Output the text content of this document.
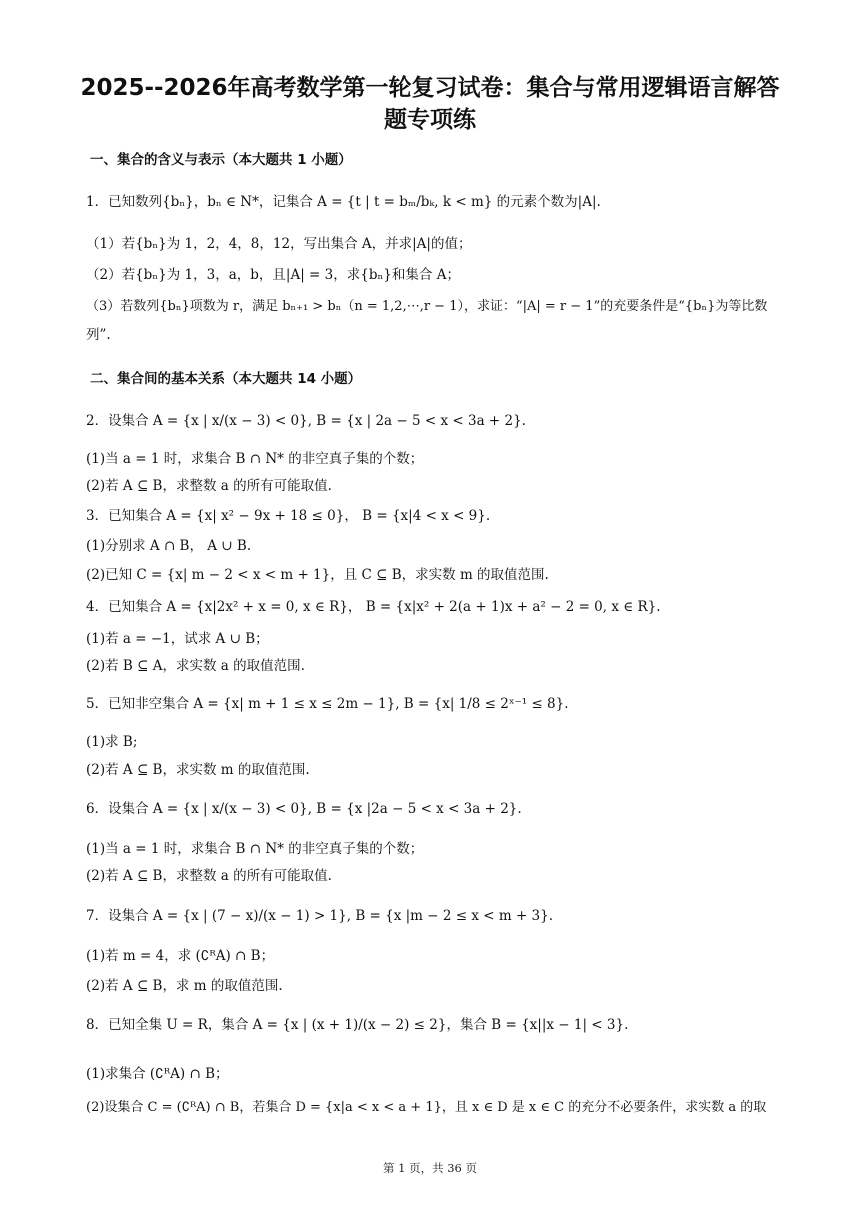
2025--2026年高考数学第一轮复习试卷：集合与常用逻辑语言解答
题专项练
一、集合的含义与表示（本大题共 1 小题）
1．已知数列{bₙ}，bₙ ∈ N*，记集合 A = {t | t = bₘ/bₖ, k < m} 的元素个数为|A|.
（1）若{bₙ}为 1，2，4，8，12，写出集合 A，并求|A|的值；
（2）若{bₙ}为 1，3，a，b，且|A| = 3，求{bₙ}和集合 A；
（3）若数列{bₙ}项数为 r，满足 bₙ₊₁ > bₙ（n = 1,2,⋯,r − 1），求证：“|A| = r − 1”的充要条件是“{bₙ}为等比数
列”.
二、集合间的基本关系（本大题共 14 小题）
2．设集合 A = {x | x/(x − 3) < 0}, B = {x | 2a − 5 < x < 3a + 2}.
(1)当 a = 1 时，求集合 B ∩ N* 的非空真子集的个数；
(2)若 A ⊆ B，求整数 a 的所有可能取值.
3．已知集合 A = {x| x² − 9x + 18 ≤ 0}， B = {x|4 < x < 9}.
(1)分别求 A ∩ B， A ∪ B.
(2)已知 C = {x| m − 2 < x < m + 1}，且 C ⊆ B，求实数 m 的取值范围.
4．已知集合 A = {x|2x² + x = 0, x ∈ R}， B = {x|x² + 2(a + 1)x + a² − 2 = 0, x ∈ R}.
(1)若 a = −1，试求 A ∪ B；
(2)若 B ⊆ A，求实数 a 的取值范围.
5．已知非空集合 A = {x| m + 1 ≤ x ≤ 2m − 1}, B = {x| 1/8 ≤ 2ˣ⁻¹ ≤ 8}.
(1)求 B;
(2)若 A ⊆ B，求实数 m 的取值范围.
6．设集合 A = {x | x/(x − 3) < 0}, B = {x |2a − 5 < x < 3a + 2}.
(1)当 a = 1 时，求集合 B ∩ N* 的非空真子集的个数；
(2)若 A ⊆ B，求整数 a 的所有可能取值.
7．设集合 A = {x | (7 − x)/(x − 1) > 1}, B = {x |m − 2 ≤ x < m + 3}.
(1)若 m = 4，求 (∁ᴿA) ∩ B；
(2)若 A ⊆ B，求 m 的取值范围.
8．已知全集 U = R，集合 A = {x | (x + 1)/(x − 2) ≤ 2}，集合 B = {x||x − 1| < 3}.
(1)求集合 (∁ᴿA) ∩ B；
(2)设集合 C = (∁ᴿA) ∩ B，若集合 D = {x|a < x < a + 1}，且 x ∈ D 是 x ∈ C 的充分不必要条件，求实数 a 的取
第 1 页，共 36 页
